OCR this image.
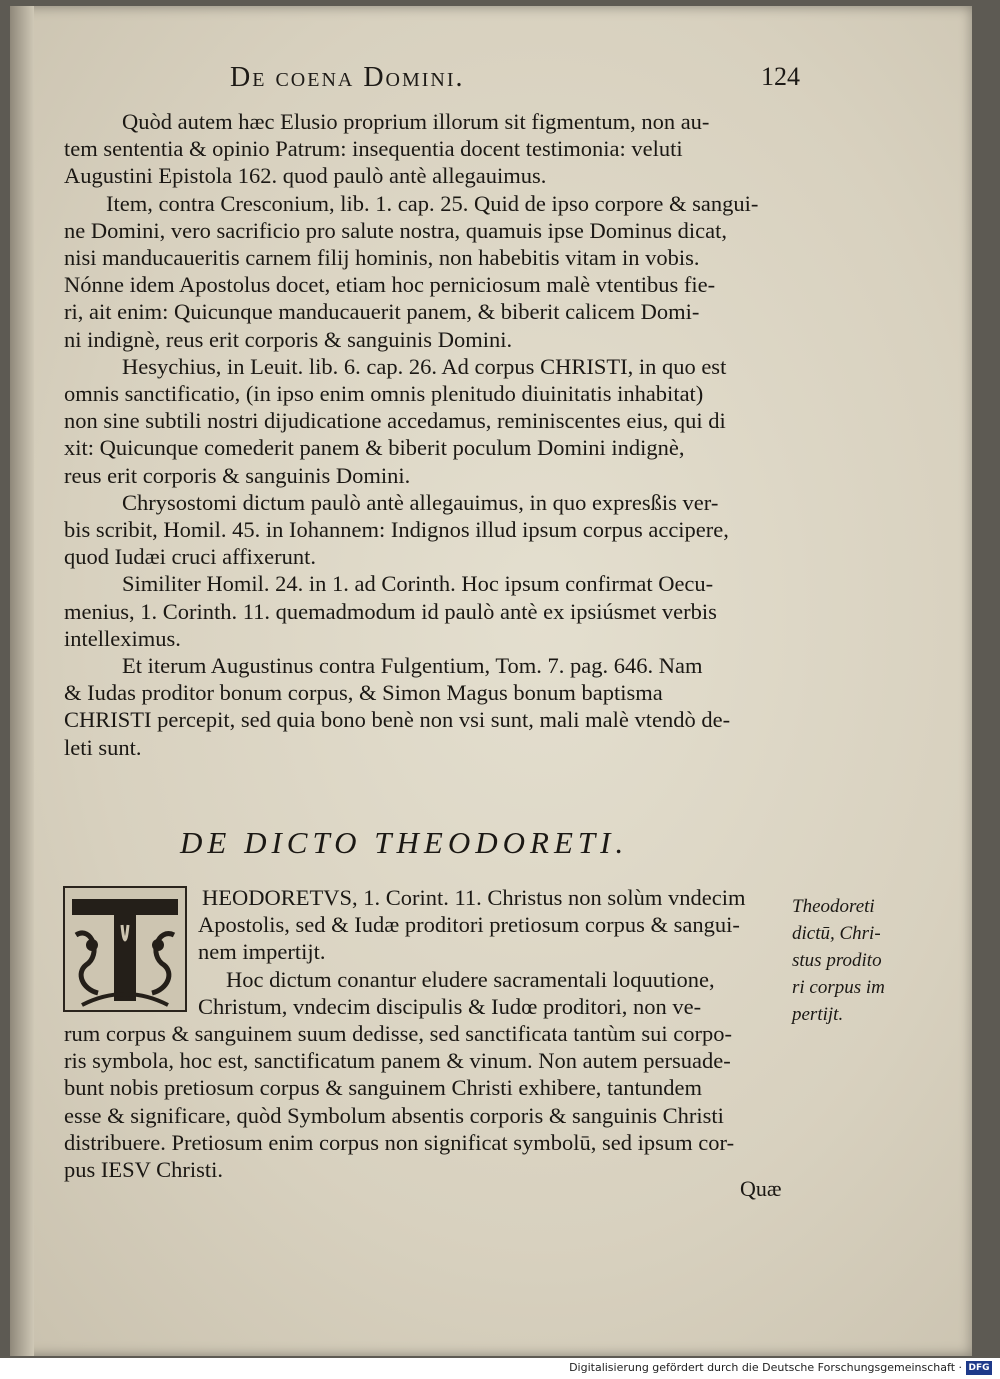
De coena Domini.	124
Quòd autem hæc Elusio proprium illorum sit figmentum, non au-
tem sententia & opinio Patrum: insequentia docent testimonia: veluti
Augustini Epistola 162. quod paulò antè allegauimus.
Item, contra Cresconium, lib. 1. cap. 25. Quid de ipso corpore & sangui-
ne Domini, vero sacrificio pro salute nostra, quamuis ipse Dominus dicat,
nisi manducaueritis carnem filij hominis, non habebitis vitam in vobis.
Nónne idem Apostolus docet, etiam hoc perniciosum malè vtentibus fie-
ri, ait enim: Quicunque manducauerit panem, & biberit calicem Domi-
ni indignè, reus erit corporis & sanguinis Domini.
Hesychius, in Leuit. lib. 6. cap. 26. Ad corpus CHRISTI, in quo est
omnis sanctificatio, (in ipso enim omnis plenitudo diuinitatis inhabitat)
non sine subtili nostri dijudicatione accedamus, reminiscentes eius, qui di
xit: Quicunque comederit panem & biberit poculum Domini indignè,
reus erit corporis & sanguinis Domini.
Chrysostomi dictum paulò antè allegauimus, in quo expresßis ver-
bis scribit, Homil. 45. in Iohannem: Indignos illud ipsum corpus accipere,
quod Iudæi cruci affixerunt.
Similiter Homil. 24. in 1. ad Corinth. Hoc ipsum confirmat Oecu-
menius, 1. Corinth. 11. quemadmodum id paulò antè ex ipsiúsmet verbis
intelleximus.
Et iterum Augustinus contra Fulgentium, Tom. 7. pag. 646. Nam
& Iudas proditor bonum corpus, & Simon Magus bonum baptisma
CHRISTI percepit, sed quia bono benè non vsi sunt, mali malè vtendò de-
leti sunt.
DE DICTO THEODORETI.
HEODORETVS, 1. Corint. 11. Christus non solùm vndecim
Apostolis, sed & Iudæ proditori pretiosum corpus & sangui-
nem impertijt.
Hoc dictum conantur eludere sacramentali loquutione,
Christum, vndecim discipulis & Iudœ proditori, non ve-
rum corpus & sanguinem suum dedisse, sed sanctificata tantùm sui corpo-
ris symbola, hoc est, sanctificatum panem & vinum. Non autem persuade-
bunt nobis pretiosum corpus & sanguinem Christi exhibere, tantundem
esse & significare, quòd Symbolum absentis corporis & sanguinis Christi
distribuere. Pretiosum enim corpus non significat symbolū, sed ipsum cor-
pus IESV Christi.
Theodoreti
dictū, Chri-
stus prodito
ri corpus im
pertijt.
Quæ
Digitalisierung gefördert durch die Deutsche Forschungsgemeinschaft · DFG
